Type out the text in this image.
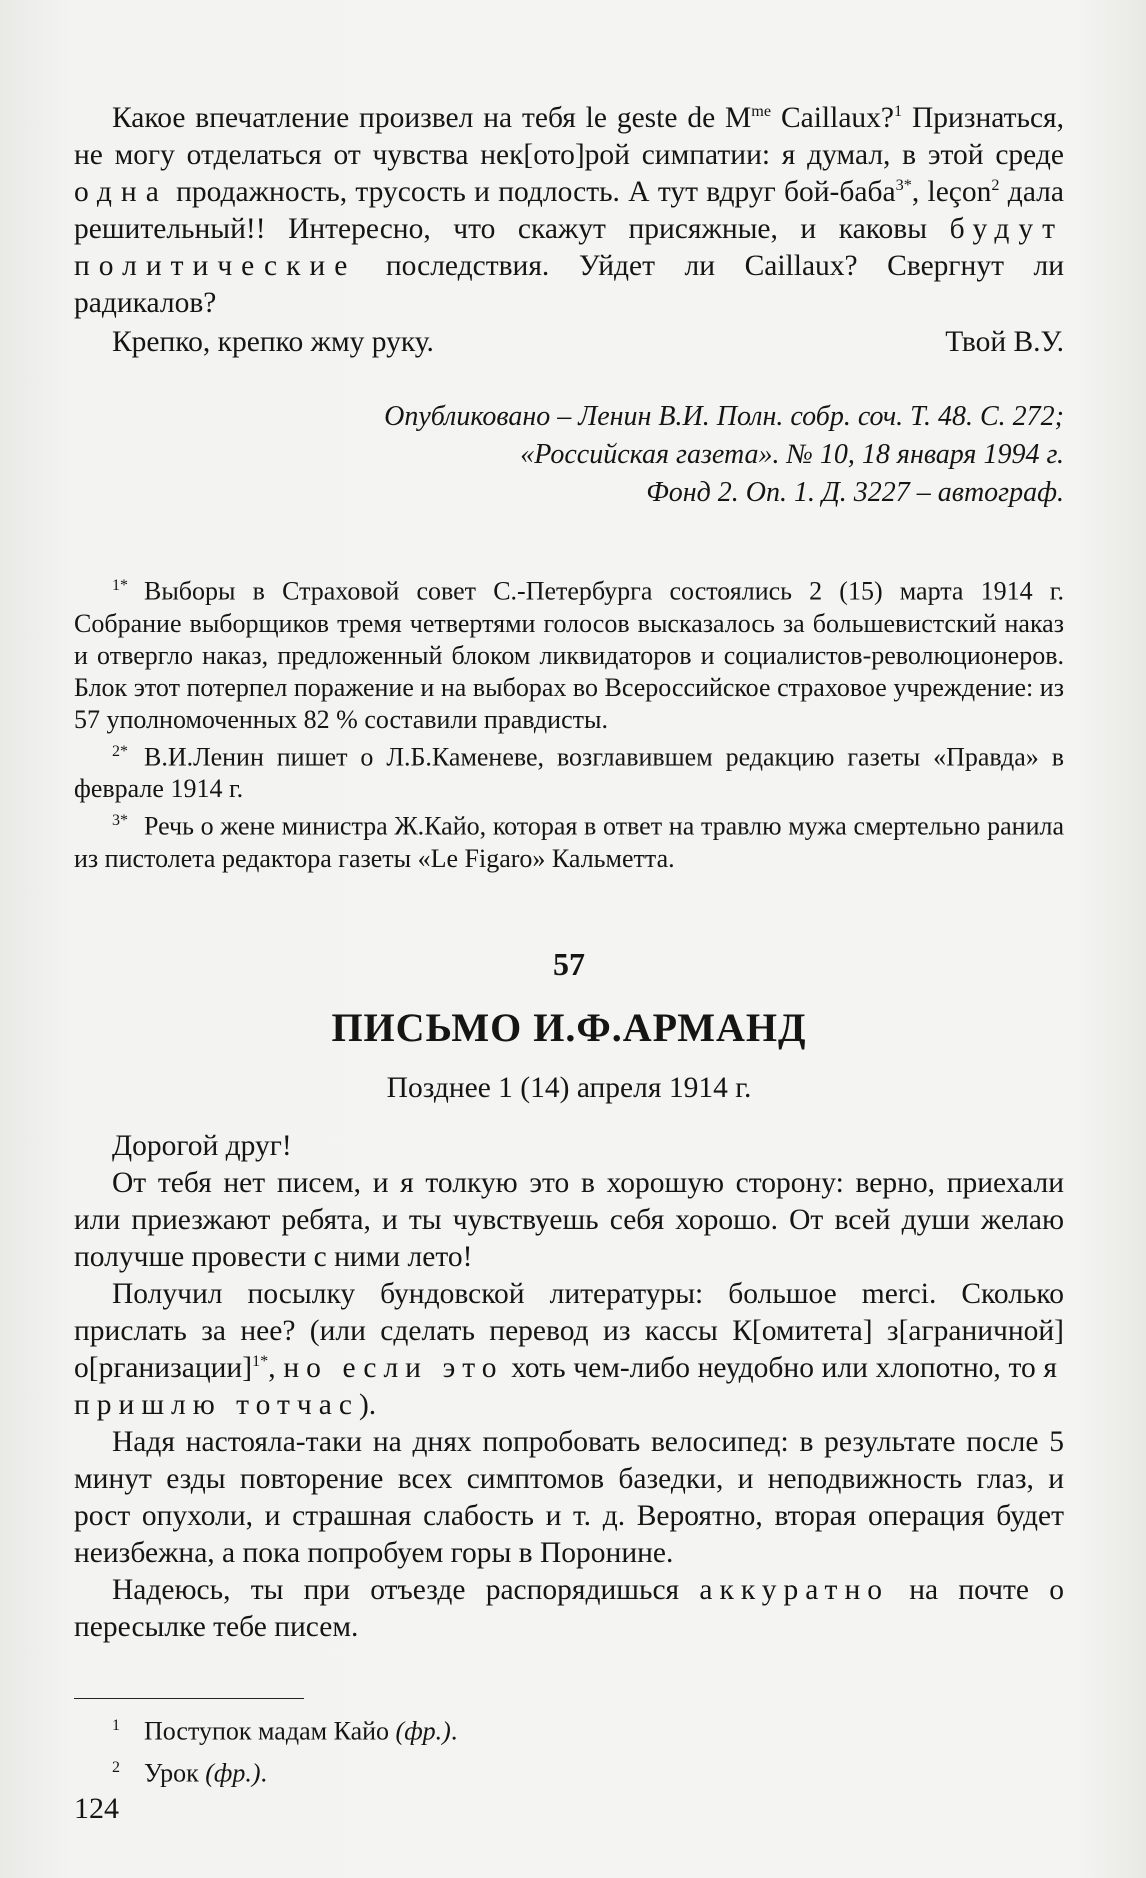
Какое впечатление произвел на тебя le geste de $M^{me}$ Caillaux?$^1$ Признаться, не могу отделаться от чувства нек[ото]рой симпатии: я думал, в этой среде одна продажность, трусость и подлость. А тут вдруг бой-баба$^{3*}$, leçon$^2$ дала решительный!! Интересно, что скажут присяжные, и каковы будут политические последствия. Уйдет ли Caillaux? Свергнут ли радикалов?

Крепко, крепко жму руку.	Твой В.У.
Опубликовано – Ленин В.И. Полн. собр. соч. Т. 48. С. 272;
«Российская газета». № 10, 18 января 1994 г.
Фонд 2. Оп. 1. Д. 3227 – автограф.

$^{1*}$ Выборы в Страховой совет С.-Петербурга состоялись 2 (15) марта 1914 г. Собрание выборщиков тремя четвертями голосов высказалось за большевистский наказ и отвергло наказ, предложенный блоком ликвидаторов и социалистов-революционеров. Блок этот потерпел поражение и на выборах во Всероссийское страховое учреждение: из 57 уполномоченных 82 % составили правдисты.

$^{2*}$ В.И.Ленин пишет о Л.Б.Каменеве, возглавившем редакцию газеты «Правда» в феврале 1914 г.

$^{3*}$ Речь о жене министра Ж.Кайо, которая в ответ на травлю мужа смертельно ранила из пистолета редактора газеты «Le Figaro» Кальметта.

57
ПИСЬМО И.Ф.АРМАНД
Позднее 1 (14) апреля 1914 г.

Дорогой друг!

От тебя нет писем, и я толкую это в хорошую сторону: верно, приехали или приезжают ребята, и ты чувствуешь себя хорошо. От всей души желаю получше провести с ними лето!

Получил посылку бундовской литературы: большое merci. Сколько прислать за нее? (или сделать перевод из кассы К[омитета] з[аграничной] о[рганизации]$^{1*}$, но если это хоть чем-либо неудобно или хлопотно, то я пришлю тотчас).

Надя настояла-таки на днях попробовать велосипед: в результате после 5 минут езды повторение всех симптомов базедки, и неподвижность глаз, и рост опухоли, и страшная слабость и т. д. Вероятно, вторая операция будет неизбежна, а пока попробуем горы в Поронине.

Надеюсь, ты при отъезде распорядишься аккуратно на почте о пересылке тебе писем.

$^1$ Поступок мадам Кайо (фр.).
$^2$ Урок (фр.).
124
